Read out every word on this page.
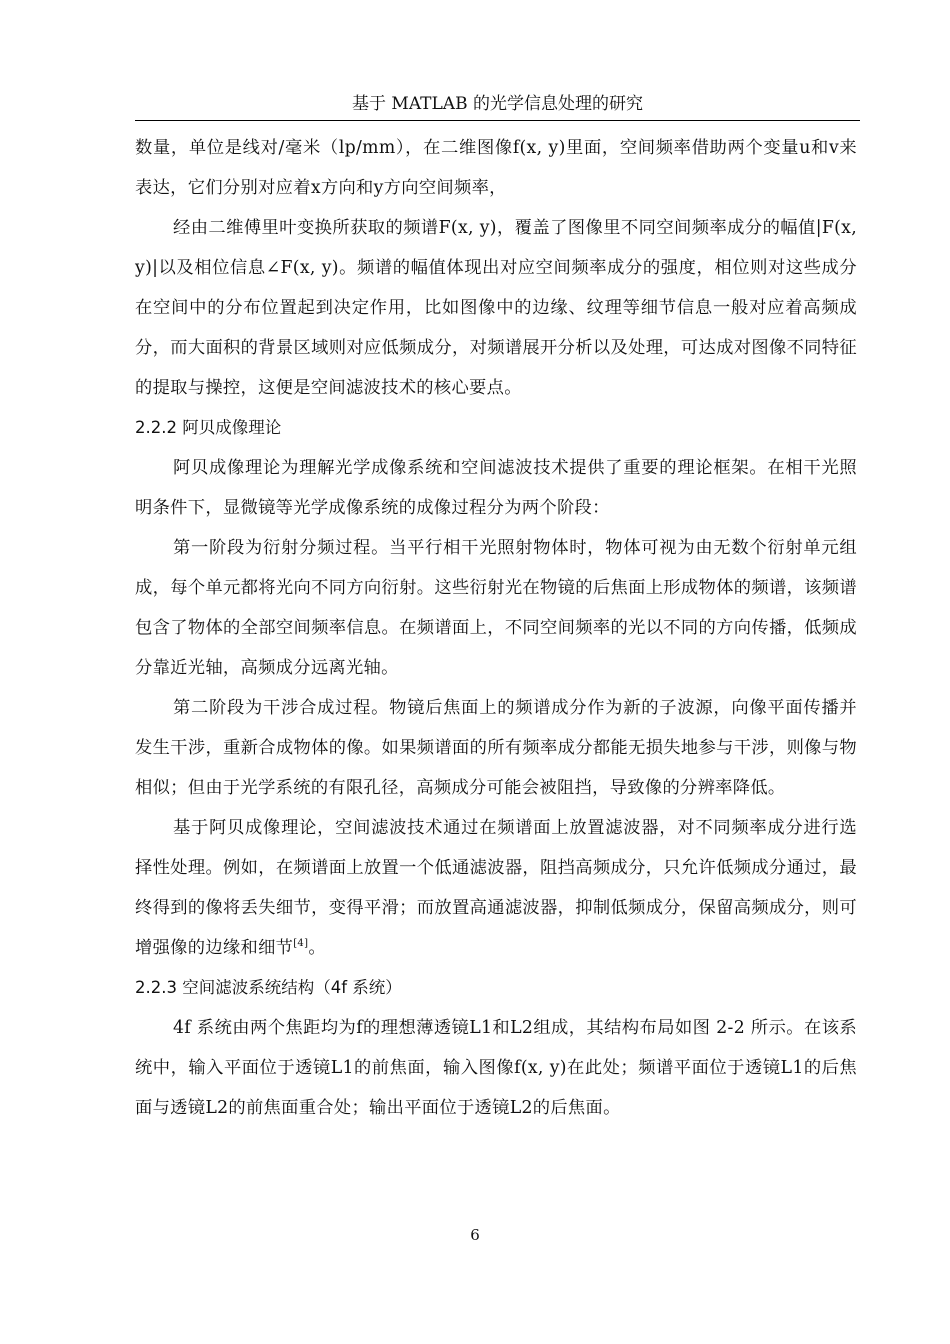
基于 MATLAB 的光学信息处理的研究

数量，单位是线对/毫米（lp/mm），在二维图像f(x, y)里面，空间频率借助两个变量u和v来表达，它们分别对应着x方向和y方向空间频率，

经由二维傅里叶变换所获取的频谱F(x, y)，覆盖了图像里不同空间频率成分的幅值|F(x, y)|以及相位信息∠F(x, y)。频谱的幅值体现出对应空间频率成分的强度，相位则对这些成分在空间中的分布位置起到决定作用，比如图像中的边缘、纹理等细节信息一般对应着高频成分，而大面积的背景区域则对应低频成分，对频谱展开分析以及处理，可达成对图像不同特征的提取与操控，这便是空间滤波技术的核心要点。

2.2.2 阿贝成像理论

阿贝成像理论为理解光学成像系统和空间滤波技术提供了重要的理论框架。在相干光照明条件下，显微镜等光学成像系统的成像过程分为两个阶段：

第一阶段为衍射分频过程。当平行相干光照射物体时，物体可视为由无数个衍射单元组成，每个单元都将光向不同方向衍射。这些衍射光在物镜的后焦面上形成物体的频谱，该频谱包含了物体的全部空间频率信息。在频谱面上，不同空间频率的光以不同的方向传播，低频成分靠近光轴，高频成分远离光轴。

第二阶段为干涉合成过程。物镜后焦面上的频谱成分作为新的子波源，向像平面传播并发生干涉，重新合成物体的像。如果频谱面的所有频率成分都能无损失地参与干涉，则像与物相似；但由于光学系统的有限孔径，高频成分可能会被阻挡，导致像的分辨率降低。

基于阿贝成像理论，空间滤波技术通过在频谱面上放置滤波器，对不同频率成分进行选择性处理。例如，在频谱面上放置一个低通滤波器，阻挡高频成分，只允许低频成分通过，最终得到的像将丢失细节，变得平滑；而放置高通滤波器，抑制低频成分，保留高频成分，则可增强像的边缘和细节[4]。

2.2.3 空间滤波系统结构（4f 系统）

4f 系统由两个焦距均为f的理想薄透镜L1和L2组成，其结构布局如图 2-2 所示。在该系统中，输入平面位于透镜L1的前焦面，输入图像f(x, y)在此处；频谱平面位于透镜L1的后焦面与透镜L2的前焦面重合处；输出平面位于透镜L2的后焦面。

6
